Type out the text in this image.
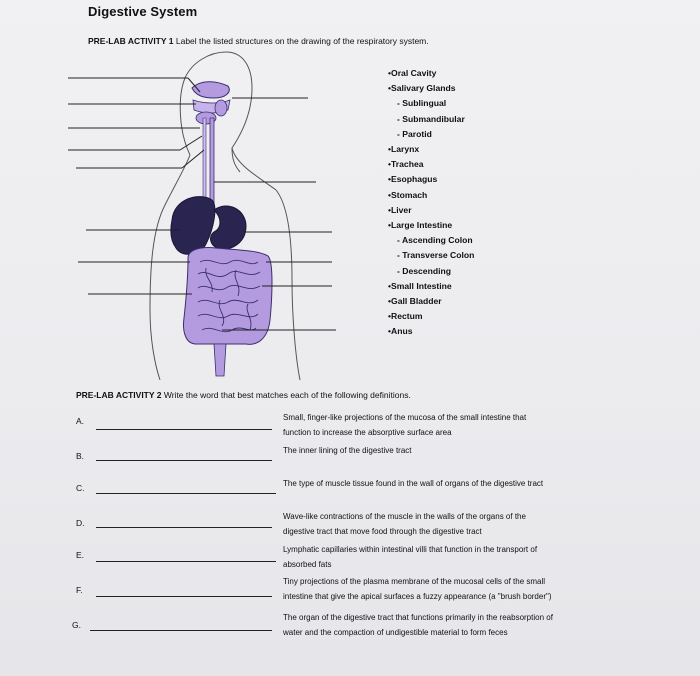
Digestive System
PRE-LAB ACTIVITY 1 Label the listed structures on the drawing of the respiratory system.
• Oral Cavity
• Salivary Glands
- Sublingual
- Submandibular
- Parotid
• Larynx
• Trachea
• Esophagus
• Stomach
• Liver
• Large Intestine
- Ascending Colon
- Transverse Colon
- Descending
• Small Intestine
• Gall Bladder
• Rectum
• Anus
PRE-LAB ACTIVITY 2 Write the word that best matches each of the following definitions.
A.	Small, finger-like projections of the mucosa of the small intestine that
function to increase the absorptive surface area
B.
The inner lining of the digestive tract
C.	The type of muscle tissue found in the wall of organs of the digestive tract
D.
Wave-like contractions of the muscle in the walls of the organs of the
digestive tract that move food through the digestive tract
E.
Lymphatic capillaries within intestinal villi that function in the transport of
absorbed fats
F.
Tiny projections of the plasma membrane of the mucosal cells of the small
intestine that give the apical surfaces a fuzzy appearance (a "brush border")
G.
The organ of the digestive tract that functions primarily in the reabsorption of
water and the compaction of undigestible material to form feces
